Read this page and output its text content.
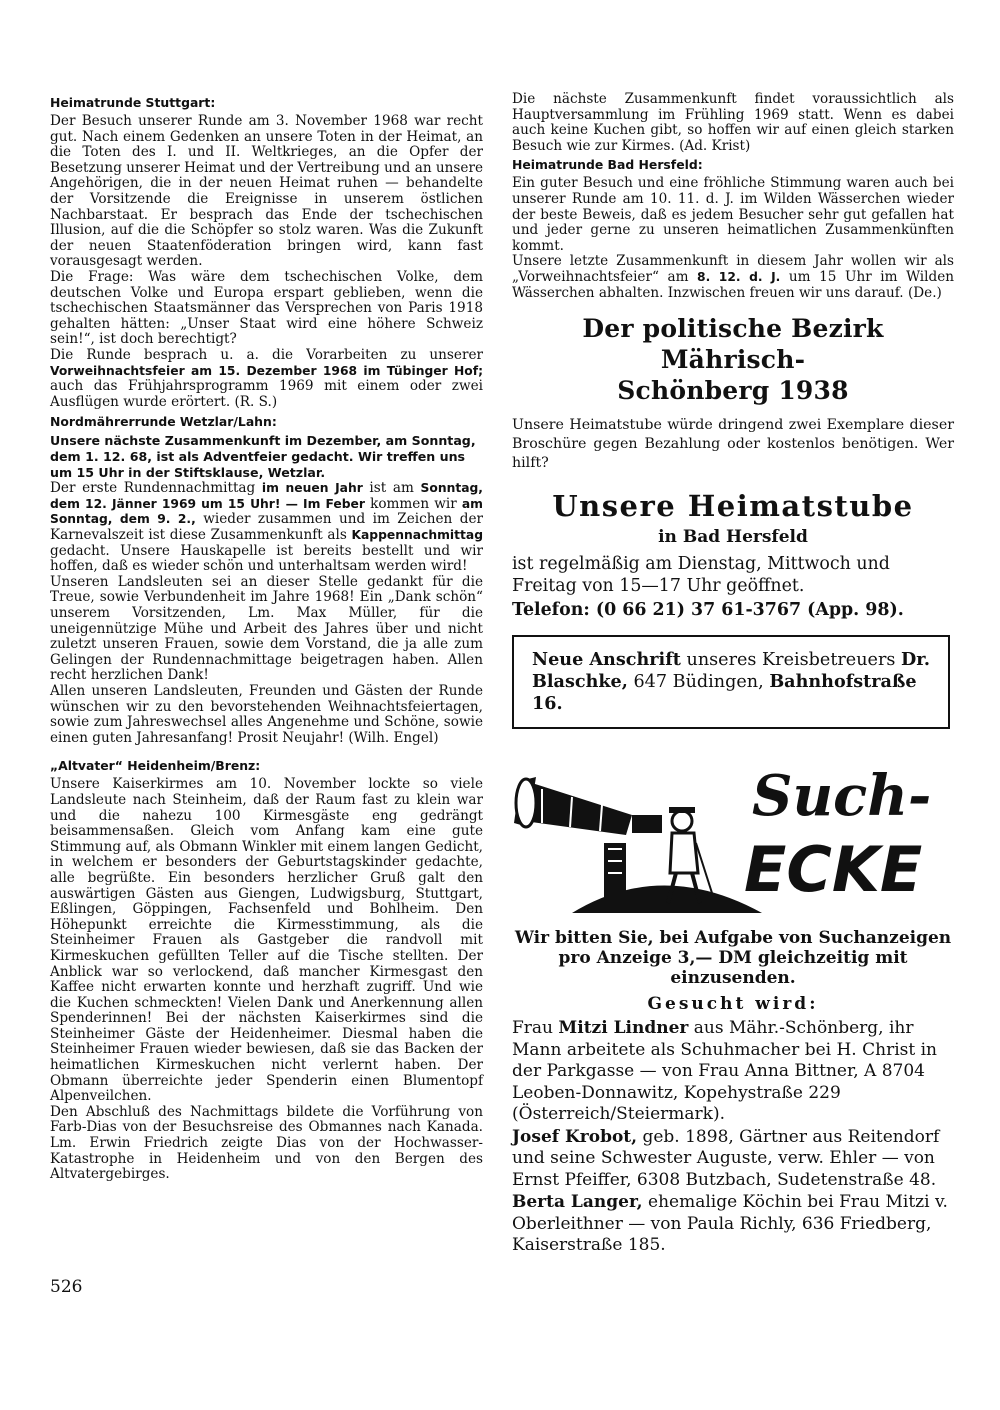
Heimatrunde Stuttgart:

Der Besuch unserer Runde am 3. November 1968 war recht gut. Nach einem Gedenken an unsere Toten in der Heimat, an die Toten des I. und II. Weltkrieges, an die Opfer der Besetzung unserer Heimat und der Vertreibung und an unsere Angehörigen, die in der neuen Heimat ruhen — behandelte der Vorsitzende die Ereignisse in unserem östlichen Nachbarstaat. Er besprach das Ende der tschechischen Illusion, auf die die Schöpfer so stolz waren. Was die Zukunft der neuen Staatenföderation bringen wird, kann fast vorausgesagt werden.

Die Frage: Was wäre dem tschechischen Volke, dem deutschen Volke und Europa erspart geblieben, wenn die tschechischen Staatsmänner das Versprechen von Paris 1918 gehalten hätten: „Unser Staat wird eine höhere Schweiz sein!“, ist doch berechtigt?

Die Runde besprach u. a. die Vorarbeiten zu unserer Vorweihnachtsfeier am 15. Dezember 1968 im Tübinger Hof; auch das Frühjahrsprogramm 1969 mit einem oder zwei Ausflügen wurde erörtert. (R. S.)

Nordmährerrunde Wetzlar/Lahn:

Unsere nächste Zusammenkunft im Dezember, am Sonntag, dem 1. 12. 68, ist als Adventfeier gedacht. Wir treffen uns um 15 Uhr in der Stiftsklause, Wetzlar.

Der erste Rundennachmittag im neuen Jahr ist am Sonntag, dem 12. Jänner 1969 um 15 Uhr! — Im Feber kommen wir am Sonntag, dem 9. 2., wieder zusammen und im Zeichen der Karnevalszeit ist diese Zusammenkunft als Kappennachmittag gedacht. Unsere Hauskapelle ist bereits bestellt und wir hoffen, daß es wieder schön und unterhaltsam werden wird!

Unseren Landsleuten sei an dieser Stelle gedankt für die Treue, sowie Verbundenheit im Jahre 1968! Ein „Dank schön“ unserem Vorsitzenden, Lm. Max Müller, für die uneigennützige Mühe und Arbeit des Jahres über und nicht zuletzt unseren Frauen, sowie dem Vorstand, die ja alle zum Gelingen der Rundennachmittage beigetragen haben. Allen recht herzlichen Dank!

Allen unseren Landsleuten, Freunden und Gästen der Runde wünschen wir zu den bevorstehenden Weihnachtsfeiertagen, sowie zum Jahreswechsel alles Angenehme und Schöne, sowie einen guten Jahresanfang! Prosit Neujahr! (Wilh. Engel)

„Altvater“ Heidenheim/Brenz:

Unsere Kaiserkirmes am 10. November lockte so viele Landsleute nach Steinheim, daß der Raum fast zu klein war und die nahezu 100 Kirmesgäste eng gedrängt beisammensaßen. Gleich vom Anfang kam eine gute Stimmung auf, als Obmann Winkler mit einem langen Gedicht, in welchem er besonders der Geburtstagskinder gedachte, alle begrüßte. Ein besonders herzlicher Gruß galt den auswärtigen Gästen aus Giengen, Ludwigsburg, Stuttgart, Eßlingen, Göppingen, Fachsenfeld und Bohlheim. Den Höhepunkt erreichte die Kirmesstimmung, als die Steinheimer Frauen als Gastgeber die randvoll mit Kirmeskuchen gefüllten Teller auf die Tische stellten. Der Anblick war so verlockend, daß mancher Kirmesgast den Kaffee nicht erwarten konnte und herzhaft zugriff. Und wie die Kuchen schmeckten! Vielen Dank und Anerkennung allen Spenderinnen! Bei der nächsten Kaiserkirmes sind die Steinheimer Gäste der Heidenheimer. Diesmal haben die Steinheimer Frauen wieder bewiesen, daß sie das Backen der heimatlichen Kirmeskuchen nicht verlernt haben. Der Obmann überreichte jeder Spenderin einen Blumentopf Alpenveilchen.

Den Abschluß des Nachmittags bildete die Vorführung von Farb-Dias von der Besuchsreise des Obmannes nach Kanada. Lm. Erwin Friedrich zeigte Dias von der Hochwasser-Katastrophe in Heidenheim und von den Bergen des Altvatergebirges.

526

Die nächste Zusammenkunft findet voraussichtlich als Hauptversammlung im Frühling 1969 statt. Wenn es dabei auch keine Kuchen gibt, so hoffen wir auf einen gleich starken Besuch wie zur Kirmes. (Ad. Krist)

Heimatrunde Bad Hersfeld:

Ein guter Besuch und eine fröhliche Stimmung waren auch bei unserer Runde am 10. 11. d. J. im Wilden Wässerchen wieder der beste Beweis, daß es jedem Besucher sehr gut gefallen hat und jeder gerne zu unseren heimatlichen Zusammenkünften kommt.

Unsere letzte Zusammenkunft in diesem Jahr wollen wir als „Vorweihnachtsfeier“ am 8. 12. d. J. um 15 Uhr im Wilden Wässerchen abhalten. Inzwischen freuen wir uns darauf. (De.)

Der politische Bezirk Mährisch-
Schönberg 1938

Unsere Heimatstube würde dringend zwei Exemplare dieser Broschüre gegen Bezahlung oder kostenlos benötigen. Wer hilft?

Unsere Heimatstube
in Bad Hersfeld

ist regelmäßig am Dienstag, Mittwoch und Freitag von 15—17 Uhr geöffnet.

Telefon: (0 66 21) 37 61-3767 (App. 98).

Neue Anschrift unseres Kreisbetreuers Dr. Blaschke, 647 Büdingen, Bahnhofstraße 16.
Such-
ECKE

Wir bitten Sie, bei Aufgabe von Suchanzeigen pro Anzeige 3,— DM gleichzeitig mit einzusenden.

Gesucht wird:

Frau Mitzi Lindner aus Mähr.-Schönberg, ihr Mann arbeitete als Schuhmacher bei H. Christ in der Parkgasse — von Frau Anna Bittner, A 8704 Leoben-Donnawitz, Kopehystraße 229 (Österreich/Steiermark).

Josef Krobot, geb. 1898, Gärtner aus Reitendorf und seine Schwester Auguste, verw. Ehler — von Ernst Pfeiffer, 6308 Butzbach, Sudetenstraße 48.

Berta Langer, ehemalige Köchin bei Frau Mitzi v. Oberleithner — von Paula Richly, 636 Friedberg, Kaiserstraße 185.
